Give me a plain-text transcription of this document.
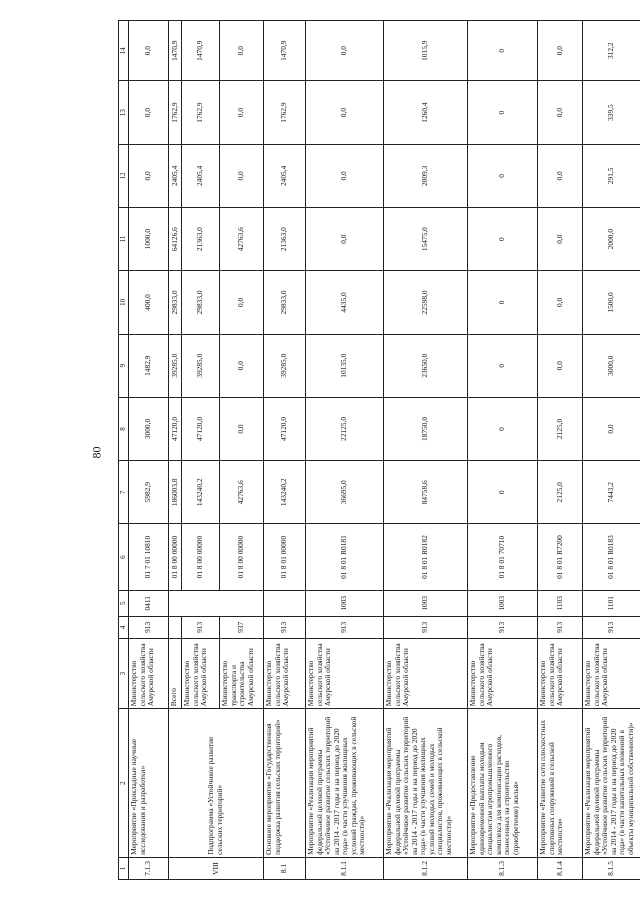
80
1	2	3	4	5	6	7	8	9	10	11	12	13	14
7.1.3	Мероприятие «Прикладные научные исследования и разработки»	Министерство сельского хозяйства Амурской области	913	0411	01 7 01 10810	5982,9	3000,0	1482,9	400,0	1000,0	0,0	0,0	0,0
VIII	Подпрограмма «Устойчивое развитие сельских территорий»	Всего			01 8 00 00000	186003,8	47120,0	39285,0	29833,0	64126,6	2405,4	1762,9	1470,9
		Министерство сельского хозяйства Амурской области	913		01 8 00 00000	143240,2	47120,0	39285,0	29833,0	21363,0	2405,4	1762,9	1470,9
		Министерство транспорта и строительства Амурской области	937		01 8 00 00000	42763,6	0,0	0,0	0,0	42763,6	0,0	0,0	0,0
8.1	Основное мероприятие «Государственная поддержка развития сельских территорий»	Министерство сельского хозяйства Амурской области	913		01 8 01 00000	143240,2	47120,0	39285,0	29833,0	21363,0	2405,4	1762,9	1470,9
8.1.1	Мероприятие «Реализация мероприятий федеральной целевой программы «Устойчивое развитие сельских территорий на 2014 - 2017 годы и на период до 2020 года» (в части улучшения жилищных условий граждан, проживающих в сельской местности)»	Министерство сельского хозяйства Амурской области	913	1003	01 8 01 R0181	36695,0	22125,0	10135,0	4435,0	0,0	0,0	0,0	0,0
8.1.2	Мероприятие «Реализация мероприятий федеральной целевой программы «Устойчивое развитие сельских территорий на 2014 - 2017 годы и на период до 2020 года» (в части улучшения жилищных условий молодых семей и молодых специалистов, проживающих в сельской местности)»	Министерство сельского хозяйства Амурской области	913	1003	01 8 01 R0182	84758,6	18750,0	23650,0	22598,0	15475,0	2009,3	1260,4	1015,9
8.1.3	Мероприятие «Предоставление единовременной выплаты молодым специалистам агропромышленного комплекса для компенсации расходов, понесенных на строительство (приобретение) жилья»	Министерство сельского хозяйства Амурской области	913	1003	01 8 01 70710	0	0	0	0	0	0	0	0
8.1.4	Мероприятие «Развитие сети плоскостных спортивных сооружений в сельской местности»	Министерство сельского хозяйства Амурской области	913	1103	01 8 01 R7200	2125,0	2125,0	0,0	0,0	0,0	0,0	0,0	0,0
8.1.5	Мероприятие «Реализация мероприятий федеральной целевой программы «Устойчивое развитие сельских территорий на 2014 - 2017 годы и на период до 2020 года» (в части капитальных вложений в объекты муниципальной собственности)»	Министерство сельского хозяйства Амурской области	913	1101	01 8 01 R0183	7443,2	0,0	3000,0	1500,0	2000,0	291,5	339,5	312,2
